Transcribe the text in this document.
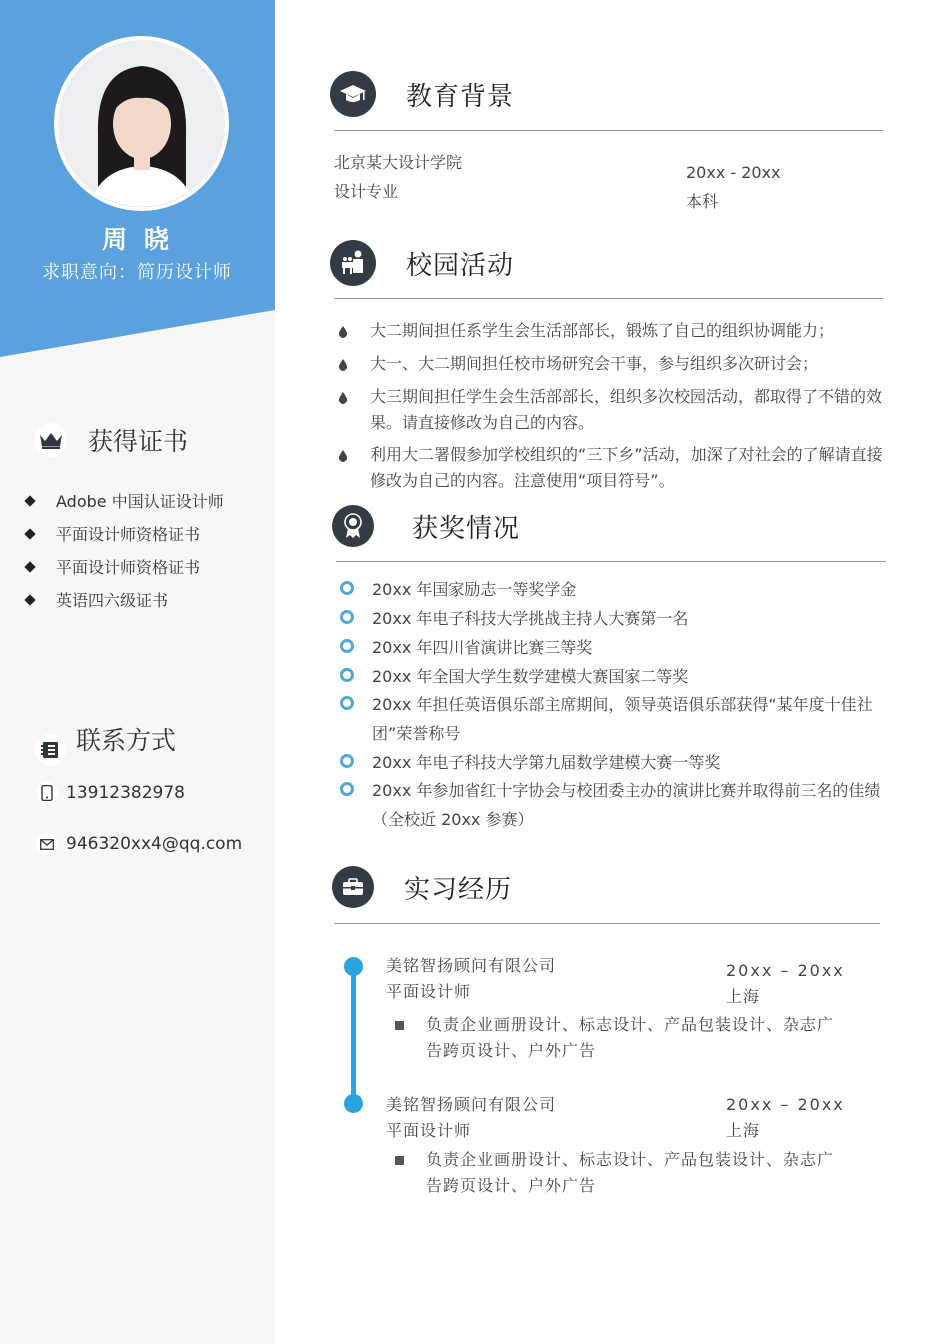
周 晓
求职意向：简历设计师
获得证书
Adobe 中国认证设计师
平面设计师资格证书
平面设计师资格证书
英语四六级证书
联系方式
13912382978
946320xx4@qq.com
教育背景
北京某大设计学院
设计专业
20xx - 20xx
本科
校园活动
大二期间担任系学生会生活部部长，锻炼了自己的组织协调能力；
大一、大二期间担任校市场研究会干事，参与组织多次研讨会；
大三期间担任学生会生活部部长，组织多次校园活动，都取得了不错的效果。请直接修改为自己的内容。
利用大二署假参加学校组织的“三下乡”活动，加深了对社会的了解请直接修改为自己的内容。注意使用“项目符号”。
获奖情况
20xx 年国家励志一等奖学金
20xx 年电子科技大学挑战主持人大赛第一名
20xx 年四川省演讲比赛三等奖
20xx 年全国大学生数学建模大赛国家二等奖
20xx 年担任英语俱乐部主席期间，领导英语俱乐部获得“某年度十佳社团”荣誉称号
20xx 年电子科技大学第九届数学建模大赛一等奖
20xx 年参加省红十字协会与校团委主办的演讲比赛并取得前三名的佳绩（全校近 20xx 参赛）
实习经历
美铭智扬顾问有限公司
平面设计师
20xx – 20xx
上海
负责企业画册设计、标志设计、产品包装设计、杂志广告跨页设计、户外广告
美铭智扬顾问有限公司
平面设计师
20xx – 20xx
上海
负责企业画册设计、标志设计、产品包装设计、杂志广告跨页设计、户外广告
